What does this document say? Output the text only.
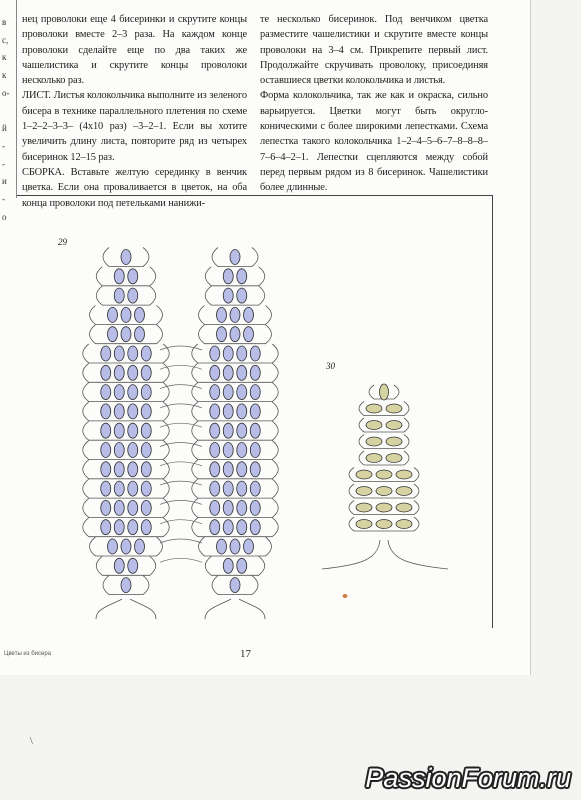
в
с,
к
к
о-
й
-
-
и
-
о

нец проволоки еще 4 бисеринки и скрутите концы проволоки вместе 2–3 раза. На каждом конце проволоки сделайте еще по два таких же чашелистика и скрутите концы проволоки несколько раз.

ЛИСТ. Листья колокольчика выполните из зеленого бисера в технике параллельного плетения по схеме 1–2–2–3–3– (4х10 раз) –3–2–1. Если вы хотите увеличить длину листа, повторите ряд из четырех бисеринок 12–15 раз.

СБОРКА. Вставьте желтую серединку в венчик цветка. Если она проваливается в цветок, на оба конца проволоки под петельками нанижи-

те несколько бисеринок. Под венчиком цветка разместите чашелистики и скрутите вместе концы проволоки на 3–4 см. Прикрепите первый лист. Продолжайте скручивать проволоку, присоединяя оставшиеся цветки колокольчика и листья.

Форма колокольчика, так же как и окраска, сильно варьируется. Цветки могут быть округло-коническими с более широкими лепестками. Схема лепестка такого колокольчика 1–2–4–5–6–7–8–8–8–7–6–4–2–1. Лепестки сцепляются между собой перед первым рядом из 8 бисеринок. Чашелистики более длинные.

29
30
Цветы из бисера	17
\
PassionForum.ru
